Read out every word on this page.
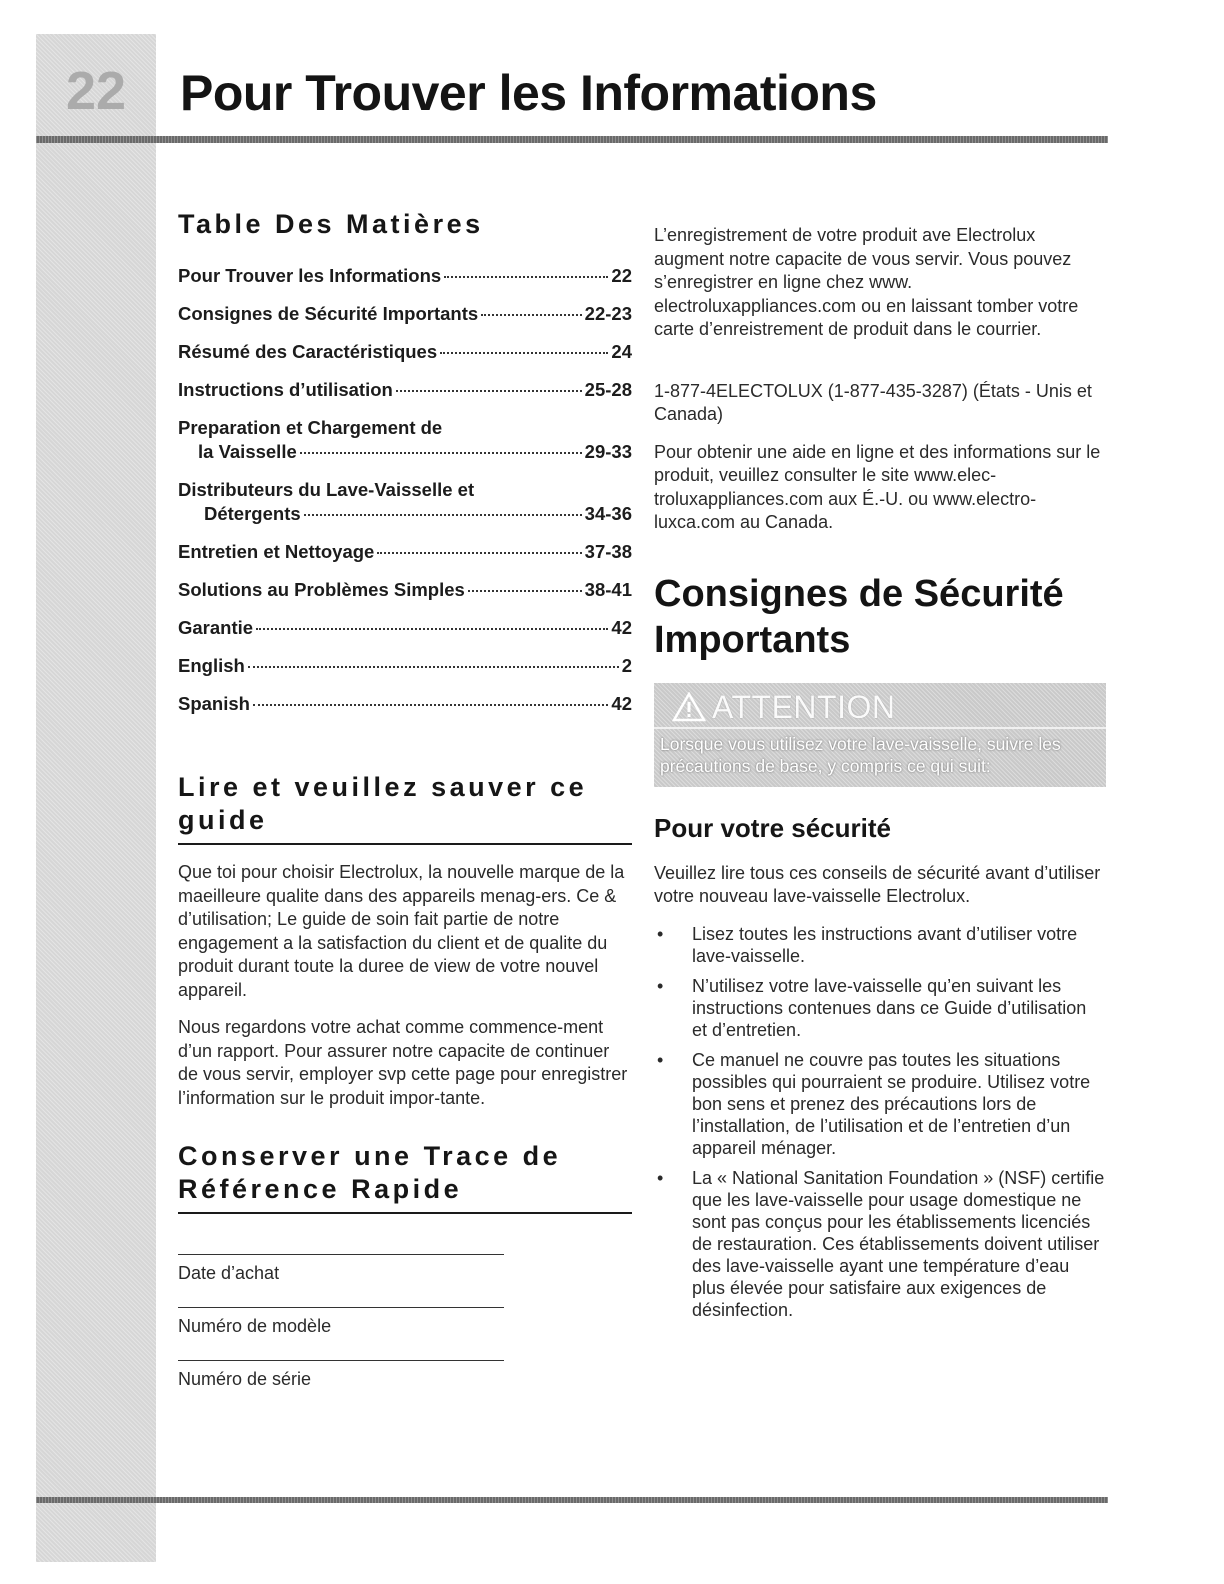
22	Pour Trouver les Informations
Table Des Matières
Pour Trouver les Informations	22
Consignes de Sécurité Importants	22-23
Résumé des Caractéristiques	24
Instructions d’utilisation	25-28
Preparation et Chargement de
la Vaisselle	29-33
Distributeurs du Lave-Vaisselle et
Détergents	34-36
Entretien et Nettoyage	37-38
Solutions au Problèmes Simples	38-41
Garantie	42
English	2
Spanish	42
Lire et veuillez sauver ce
guide

Que toi pour choisir Electrolux, la nouvelle marque de la maeilleure qualite dans des appareils menag-ers. Ce & d’utilisation; Le guide de soin fait partie de notre engagement a la satisfaction du client et de qualite du produit durant toute la duree de view de votre nouvel appareil.

Nous regardons votre achat comme commence-ment d’un rapport. Pour assurer notre capacite de continuer de vous servir, employer svp cette page pour enregistrer l’information sur le produit impor-tante.

Conserver une Trace de
Référence Rapide
Date d’achat
Numéro de modèle
Numéro de série

L’enregistrement de votre produit ave Electrolux augment notre capacite de vous servir. Vous pouvez s’enregistrer en ligne chez www. electroluxappliances.com ou en laissant tomber votre carte d’enreistrement de produit dans le courrier.

1-877-4ELECTOLUX (1-877-435-3287) (États - Unis et Canada)

Pour obtenir une aide en ligne et des informations sur le produit, veuillez consulter le site www.elec-troluxappliances.com aux É.-U. ou www.electro-luxca.com au Canada.

Consignes de Sécurité
Importants
ATTENTION
Lorsque vous utilisez votre lave-vaisselle, suivre les précautions de base, y compris ce qui suit:
Pour votre sécurité

Veuillez lire tous ces conseils de sécurité avant d’utiliser votre nouveau lave-vaisselle Electrolux.

• Lisez toutes les instructions avant d’utiliser votre lave-vaisselle.
• N’utilisez votre lave-vaisselle qu’en suivant les instructions contenues dans ce Guide d’utilisation et d’entretien.
• Ce manuel ne couvre pas toutes les situations possibles qui pourraient se produire. Utilisez votre bon sens et prenez des précautions lors de l’installation, de l’utilisation et de l’entretien d’un appareil ménager.
• La « National Sanitation Foundation » (NSF) certifie que les lave-vaisselle pour usage domestique ne sont pas conçus pour les établissements licenciés de restauration. Ces établissements doivent utiliser des lave-vaisselle ayant une température d’eau plus élevée pour satisfaire aux exigences de désinfection.
